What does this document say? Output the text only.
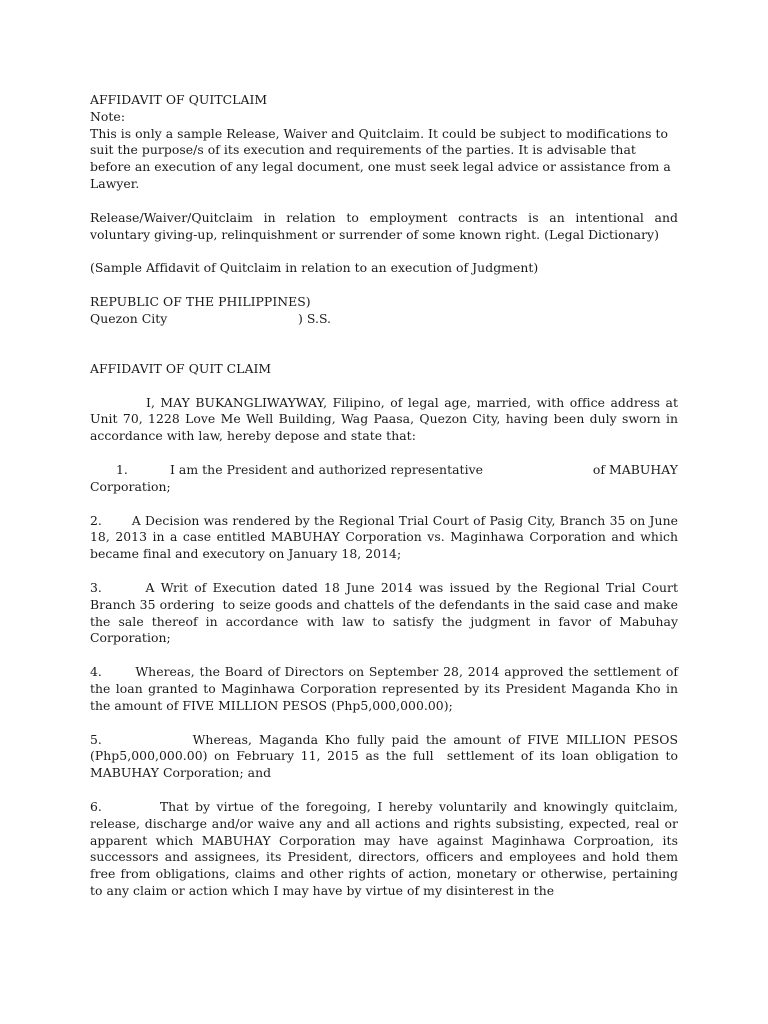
AFFIDAVIT OF QUITCLAIM
Note:

This is only a sample Release, Waiver and Quitclaim. It could be subject to modifications to suit the purpose/s of its execution and requirements of the parties. It is advisable that before an execution of any legal document, one must seek legal advice or assistance from a Lawyer.

Release/Waiver/Quitclaim in relation to employment contracts is an intentional and voluntary giving-up, relinquishment or surrender of some known right. (Legal Dictionary)

(Sample Affidavit of Quitclaim in relation to an execution of Judgment)
REPUBLIC OF THE PHILIPPINES)
Quezon City	) S.S.
AFFIDAVIT OF QUIT CLAIM

I, MAY BUKANGLIWAYWAY, Filipino, of legal age, married, with office address at Unit 70, 1228 Love Me Well Building, Wag Paasa, Quezon City, having been duly sworn in accordance with law, hereby depose and state that:

1.	I am the President and authorized representative	of MABUHAY
Corporation;

2.       A Decision was rendered by the Regional Trial Court of Pasig City, Branch 35 on June 18, 2013 in a case entitled MABUHAY Corporation vs. Maginhawa Corporation and which became final and executory on January 18, 2014;

3.       A Writ of Execution dated 18 June 2014 was issued by the Regional Trial Court Branch 35 ordering  to seize goods and chattels of the defendants in the said case and make the sale thereof in accordance with law to satisfy the judgment in favor of Mabuhay Corporation;

4.       Whereas, the Board of Directors on September 28, 2014 approved the settlement of the loan granted to Maginhawa Corporation represented by its President Maganda Kho in the amount of FIVE MILLION PESOS (Php5,000,000.00);

5.             Whereas, Maganda Kho fully paid the amount of FIVE MILLION PESOS (Php5,000,000.00) on February 11, 2015 as the full  settlement of its loan obligation to MABUHAY Corporation; and

6.         That by virtue of the foregoing, I hereby voluntarily and knowingly quitclaim, release, discharge and/or waive any and all actions and rights subsisting, expected, real or apparent which MABUHAY Corporation may have against Maginhawa Corproation, its successors and assignees, its President, directors, officers and employees and hold them free from obligations, claims and other rights of action, monetary or otherwise, pertaining to any claim or action which I may have by virtue of my disinterest in the
